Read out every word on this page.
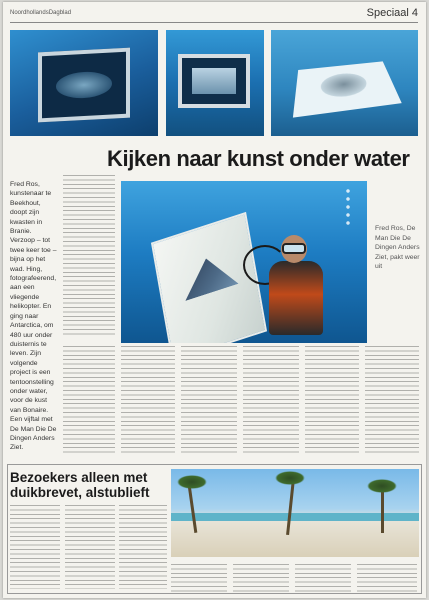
NoordhollandsDagblad	Speciaal 4
Kijken naar kunst onder water
Fred Ros, kunstenaar te Beekhout, doopt zijn kwasten in Branie. Verzoop – tot twee keer toe – bijna op het wad. Hing, fotografeerend, aan een vliegende helikopter. En ging naar Antarctica, om 480 uur onder duisternis te leven. Zijn volgende project is een tentoonstelling onder water, voor de kust van Bonaire. Een vijftal met De Man Die De Dingen Anders Ziet.
Fred Ros, De Man Die De Dingen Anders Ziet, pakt weer uit
Bezoekers alleen met duikbrevet, alstublieft
